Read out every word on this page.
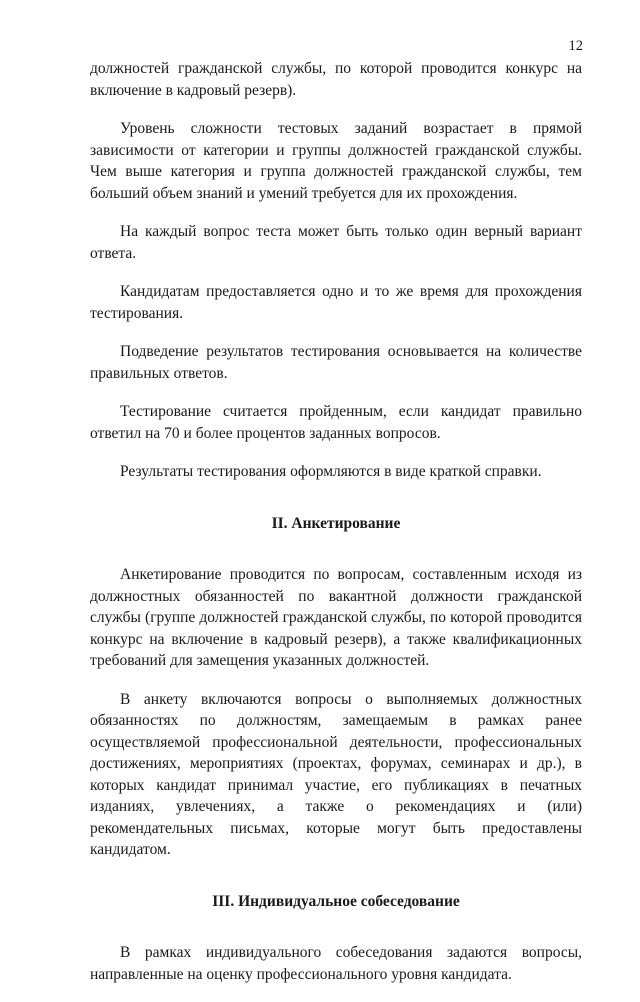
12

должностей гражданской службы, по которой проводится конкурс на включение в кадровый резерв).

Уровень сложности тестовых заданий возрастает в прямой зависимости от категории и группы должностей гражданской службы. Чем выше категория и группа должностей гражданской службы, тем больший объем знаний и умений требуется для их прохождения.

На каждый вопрос теста может быть только один верный вариант ответа.

Кандидатам предоставляется одно и то же время для прохождения тестирования.

Подведение результатов тестирования основывается на количестве правильных ответов.

Тестирование считается пройденным, если кандидат правильно ответил на 70 и более процентов заданных вопросов.

Результаты тестирования оформляются в виде краткой справки.

II. Анкетирование

Анкетирование проводится по вопросам, составленным исходя из должностных обязанностей по вакантной должности гражданской службы (группе должностей гражданской службы, по которой проводится конкурс на включение в кадровый резерв), а также квалификационных требований для замещения указанных должностей.

В анкету включаются вопросы о выполняемых должностных обязанностях по должностям, замещаемым в рамках ранее осуществляемой профессиональной деятельности, профессиональных достижениях, мероприятиях (проектах, форумах, семинарах и др.), в которых кандидат принимал участие, его публикациях в печатных изданиях, увлечениях, а также о рекомендациях и (или) рекомендательных письмах, которые могут быть предоставлены кандидатом.

III. Индивидуальное собеседование

В рамках индивидуального собеседования задаются вопросы, направленные на оценку профессионального уровня кандидата.
